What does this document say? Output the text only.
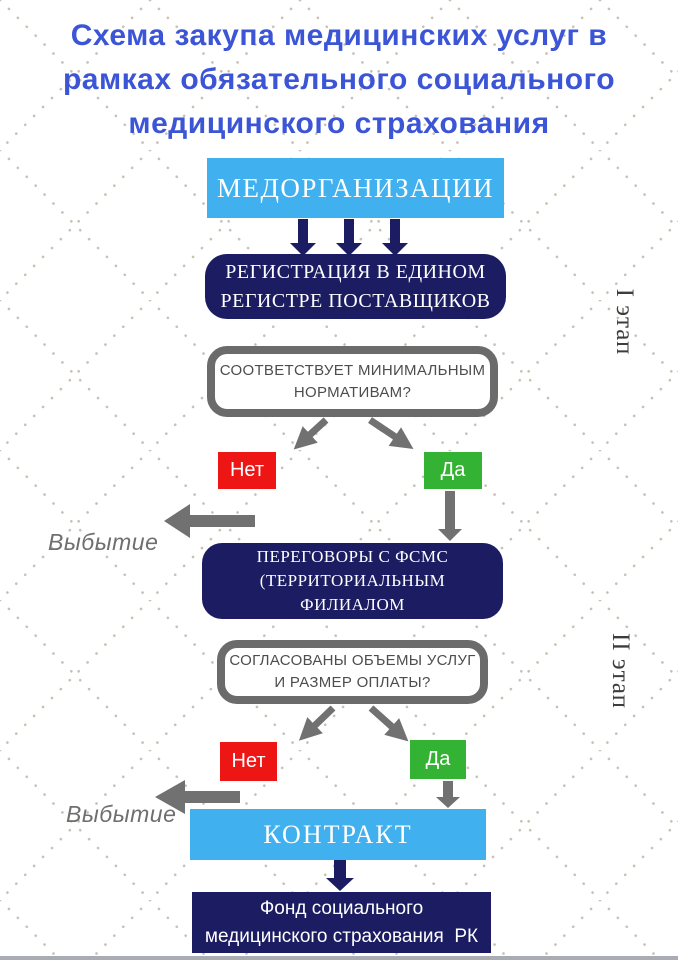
Схема закупа медицинских услуг в
рамках обязательного социального
медицинского страхования
I этап
II этап
МЕДОРГАНИЗАЦИИ
РЕГИСТРАЦИЯ В ЕДИНОМ
РЕГИСТРЕ ПОСТАВЩИКОВ
СООТВЕТСТВУЕТ МИНИМАЛЬНЫМ
НОРМАТИВАМ?
Нет	Да
Выбытие
ПЕРЕГОВОРЫ С ФСМС
(ТЕРРИТОРИАЛЬНЫМ
ФИЛИАЛОМ
СОГЛАСОВАНЫ ОБЪЕМЫ УСЛУГ
И РАЗМЕР ОПЛАТЫ?
Нет	Да
Выбытие
КОНТРАКТ
Фонд социального
медицинского страхования  РК
